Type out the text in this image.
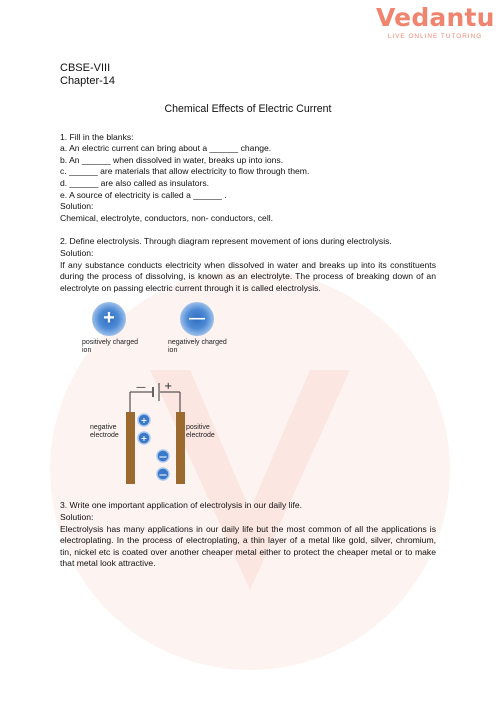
Vedantu
LIVE ONLINE TUTORING
CBSE-VIII
Chapter-14
Chemical Effects of Electric Current

1. Fill in the blanks:

a. An electric current can bring about a ______ change.

b. An ______ when dissolved in water, breaks up into ions.

c. ______ are materials that allow electricity to flow through them.

d. ______ are also called as insulators.

e. A source of electricity is called a ______ .

Solution:

Chemical, electrolyte, conductors, non- conductors, cell.

2. Define electrolysis. Through diagram represent movement of ions during electrolysis.

Solution:

If any substance conducts electricity when dissolved in water and breaks up into its constituents during the process of dissolving, is known as an electrolyte. The process of breaking down of an electrolyte on passing electric current through it is called electrolysis.

+	—
positively charged
ion
negatively charged
ion
— +
+
+
—
—
negative
electrode
positive
electrode

3. Write one important application of electrolysis in our daily life.

Solution:

Electrolysis has many applications in our daily life but the most common of all the applications is electroplating. In the process of electroplating, a thin layer of a metal like gold, silver, chromium, tin, nickel etc is coated over another cheaper metal either to protect the cheaper metal or to make that metal look attractive.
